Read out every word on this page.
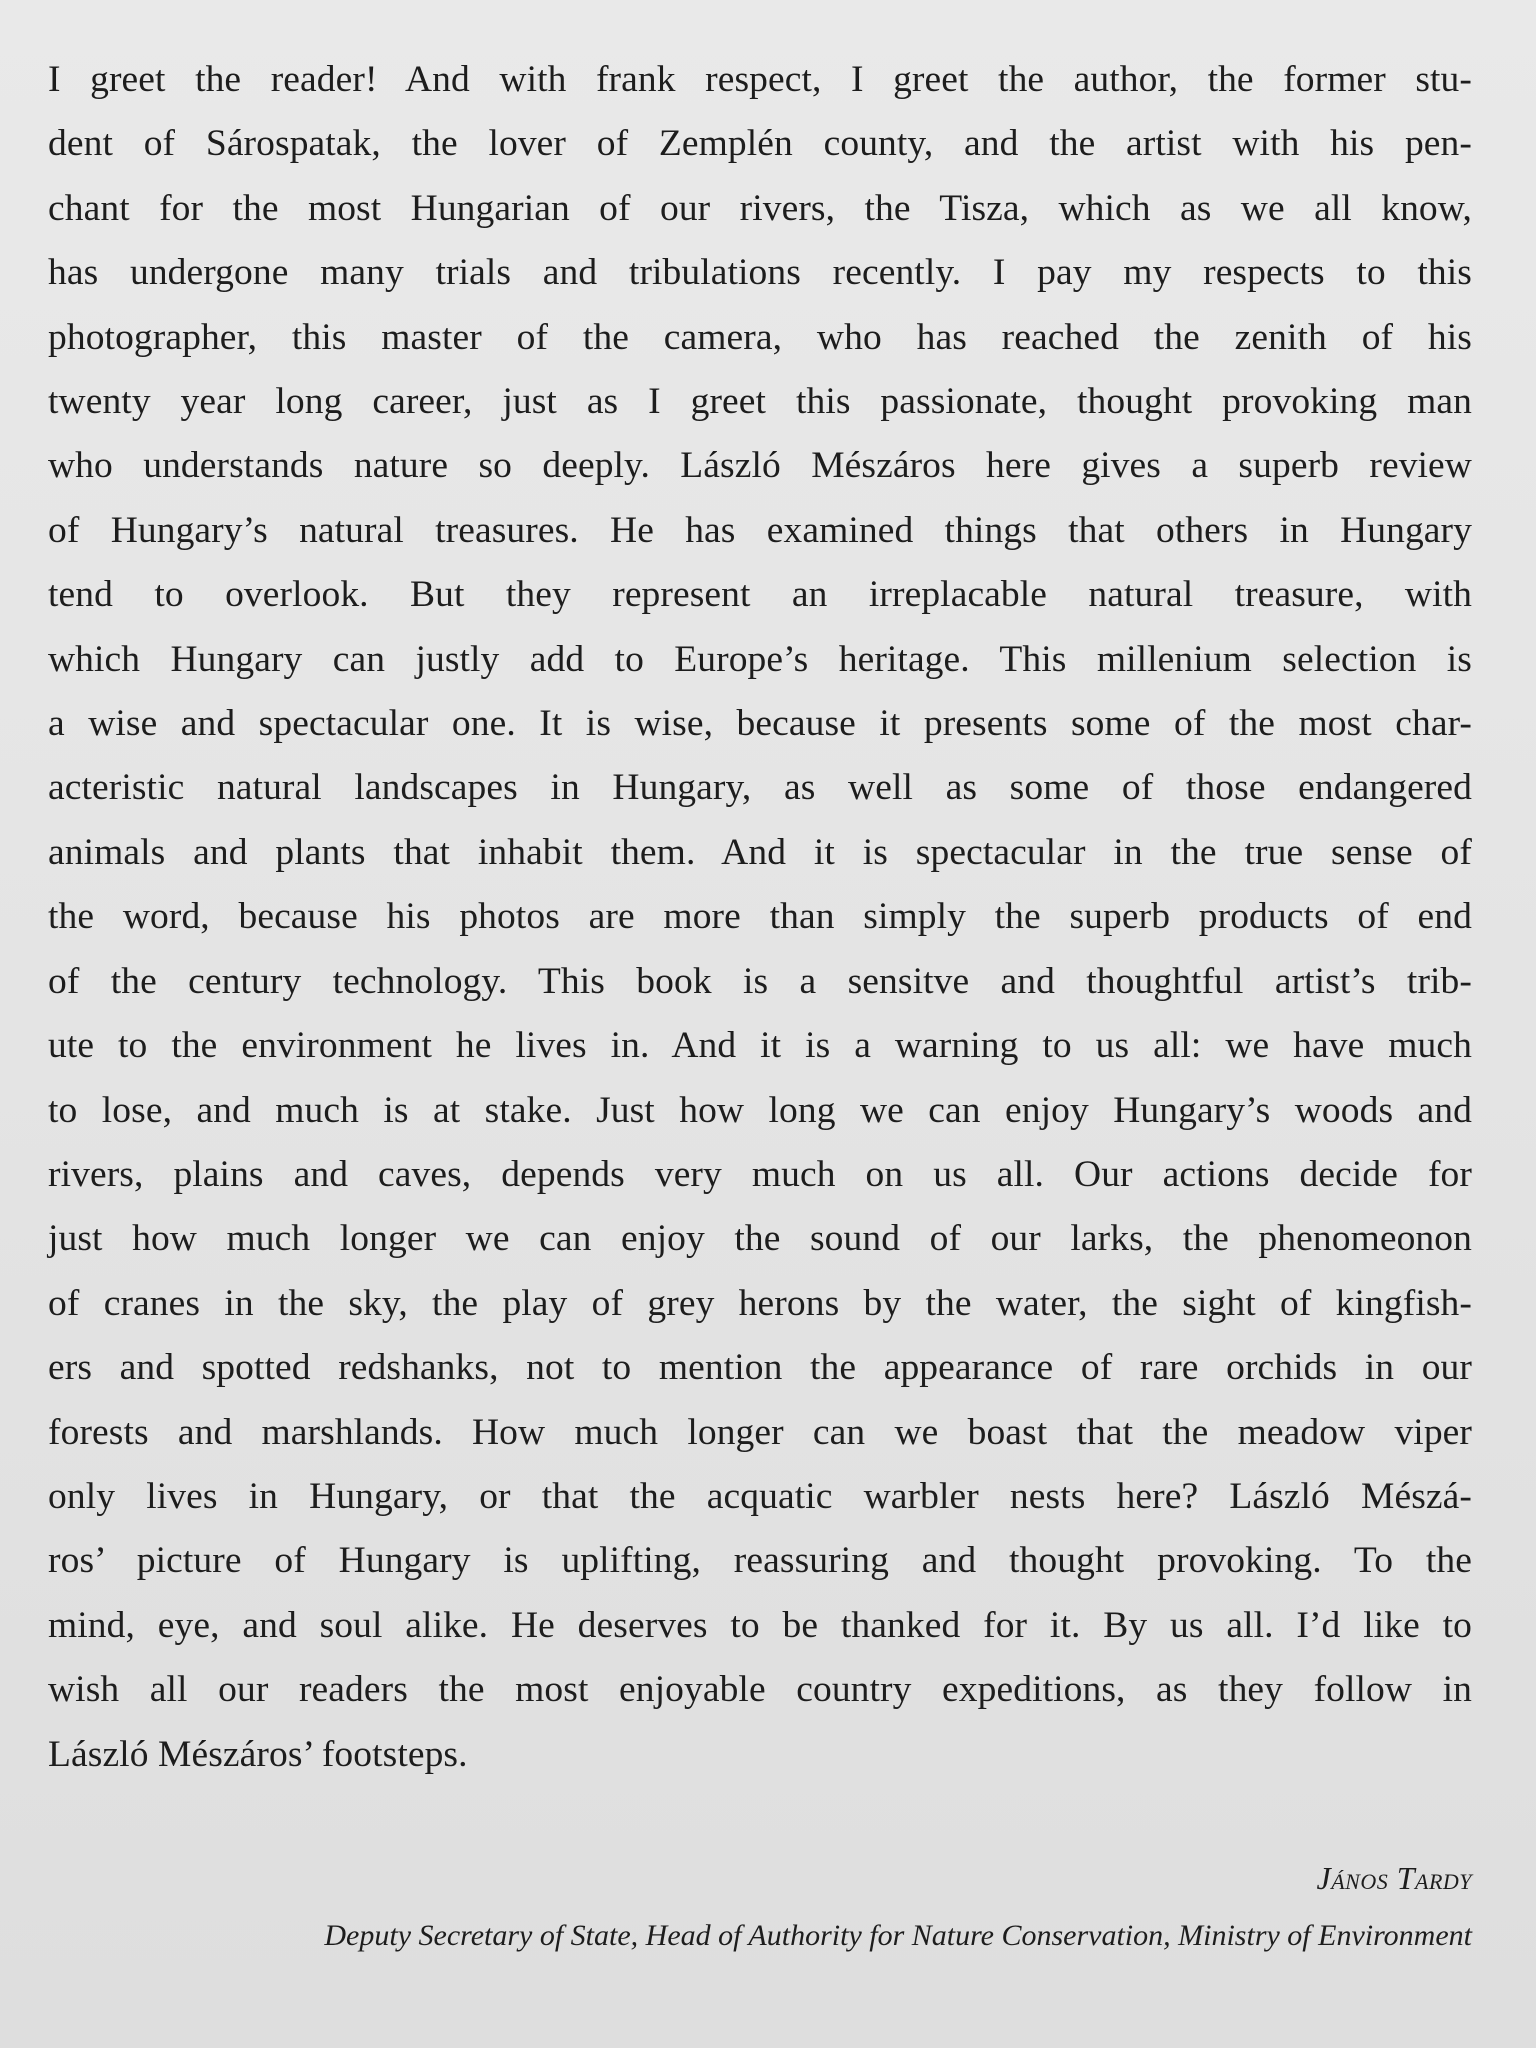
I greet the reader! And with frank respect, I greet the author, the former stu-
dent of Sárospatak, the lover of Zemplén county, and the artist with his pen-
chant for the most Hungarian of our rivers, the Tisza, which as we all know,
has undergone many trials and tribulations recently. I pay my respects to this
photographer, this master of the camera, who has reached the zenith of his
twenty year long career, just as I greet this passionate, thought provoking man
who understands nature so deeply. László Mészáros here gives a superb review
of Hungary’s natural treasures. He has examined things that others in Hungary
tend to overlook. But they represent an irreplacable natural treasure, with
which Hungary can justly add to Europe’s heritage. This millenium selection is
a wise and spectacular one. It is wise, because it presents some of the most char-
acteristic natural landscapes in Hungary, as well as some of those endangered
animals and plants that inhabit them. And it is spectacular in the true sense of
the word, because his photos are more than simply the superb products of end
of the century technology. This book is a sensitve and thoughtful artist’s trib-
ute to the environment he lives in. And it is a warning to us all: we have much
to lose, and much is at stake. Just how long we can enjoy Hungary’s woods and
rivers, plains and caves, depends very much on us all. Our actions decide for
just how much longer we can enjoy the sound of our larks, the phenomeonon
of cranes in the sky, the play of grey herons by the water, the sight of kingfish-
ers and spotted redshanks, not to mention the appearance of rare orchids in our
forests and marshlands. How much longer can we boast that the meadow viper
only lives in Hungary, or that the acquatic warbler nests here? László Mészá-
ros’ picture of Hungary is uplifting, reassuring and thought provoking. To the
mind, eye, and soul alike. He deserves to be thanked for it. By us all. I’d like to
wish all our readers the most enjoyable country expeditions, as they follow in
László Mészáros’ footsteps.
János Tardy
Deputy Secretary of State, Head of Authority for Nature Conservation, Ministry of Environment
